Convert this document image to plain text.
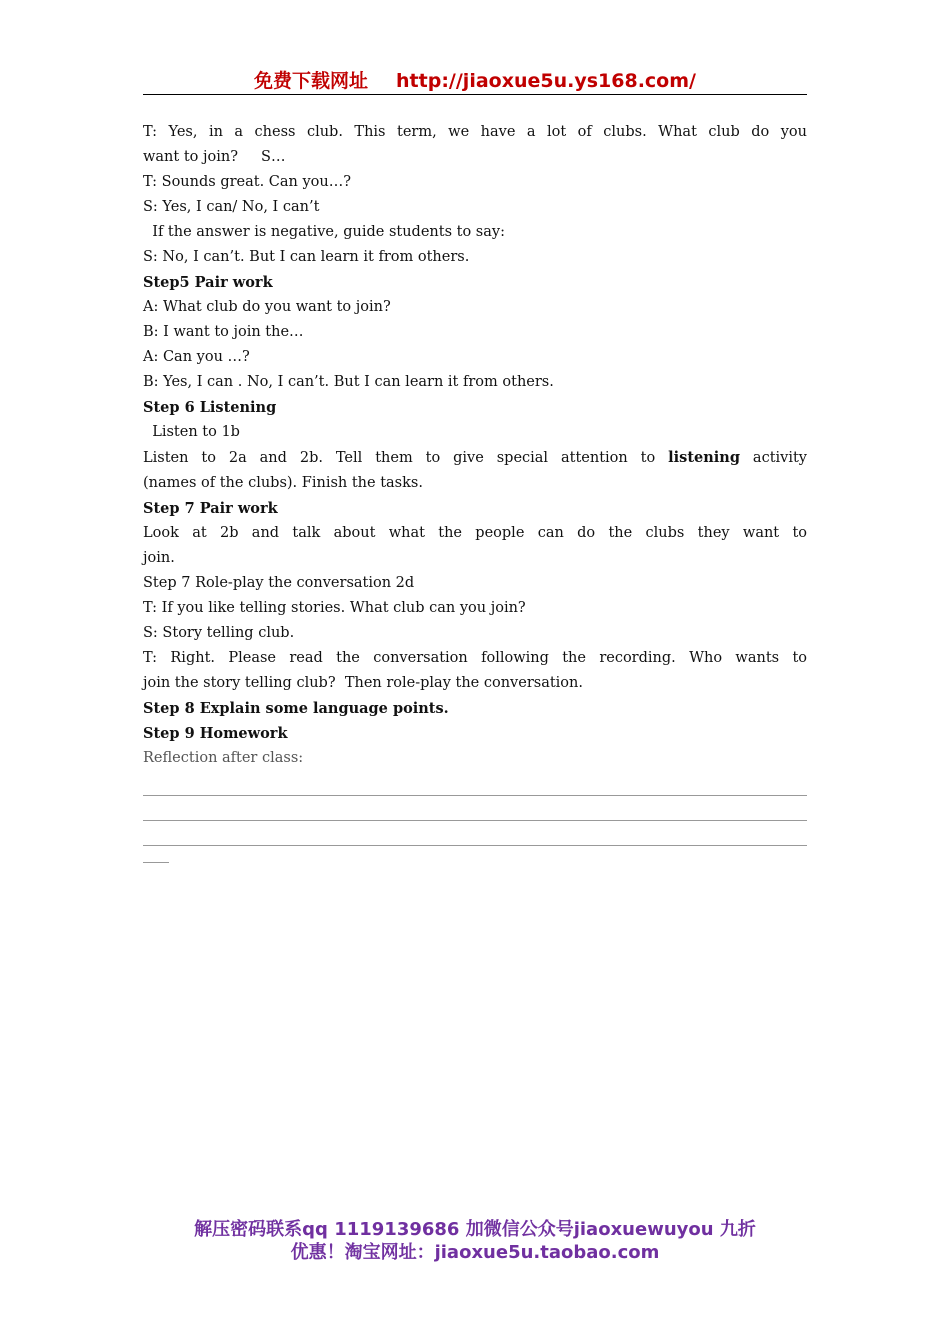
免费下载网址 http://jiaoxue5u.ys168.com/
T: Yes, in a chess club. This term, we have a lot of clubs. What club do you
want to join?     S…
T: Sounds great. Can you…?
S: Yes, I can/ No, I can’t
If the answer is negative, guide students to say:
S: No, I can’t. But I can learn it from others.
Step5 Pair work
A: What club do you want to join?
B: I want to join the…
A: Can you …?
B: Yes, I can . No, I can’t. But I can learn it from others.
Step 6 Listening
Listen to 1b
Listen to 2a and 2b. Tell them to give special attention to listening activity
(names of the clubs). Finish the tasks.
Step 7 Pair work
Look at 2b and talk about what the people can do the clubs they want to
join.
Step 7 Role-play the conversation 2d
T: If you like telling stories. What club can you join?
S: Story telling club.
T: Right. Please read the conversation following the recording. Who wants to
join the story telling club?  Then role-play the conversation.
Step 8 Explain some language points.
Step 9 Homework
Reflection after class:
解压密码联系qq 1119139686 加微信公众号jiaoxuewuyou 九折
优惠！淘宝网址：jiaoxue5u.taobao.com
